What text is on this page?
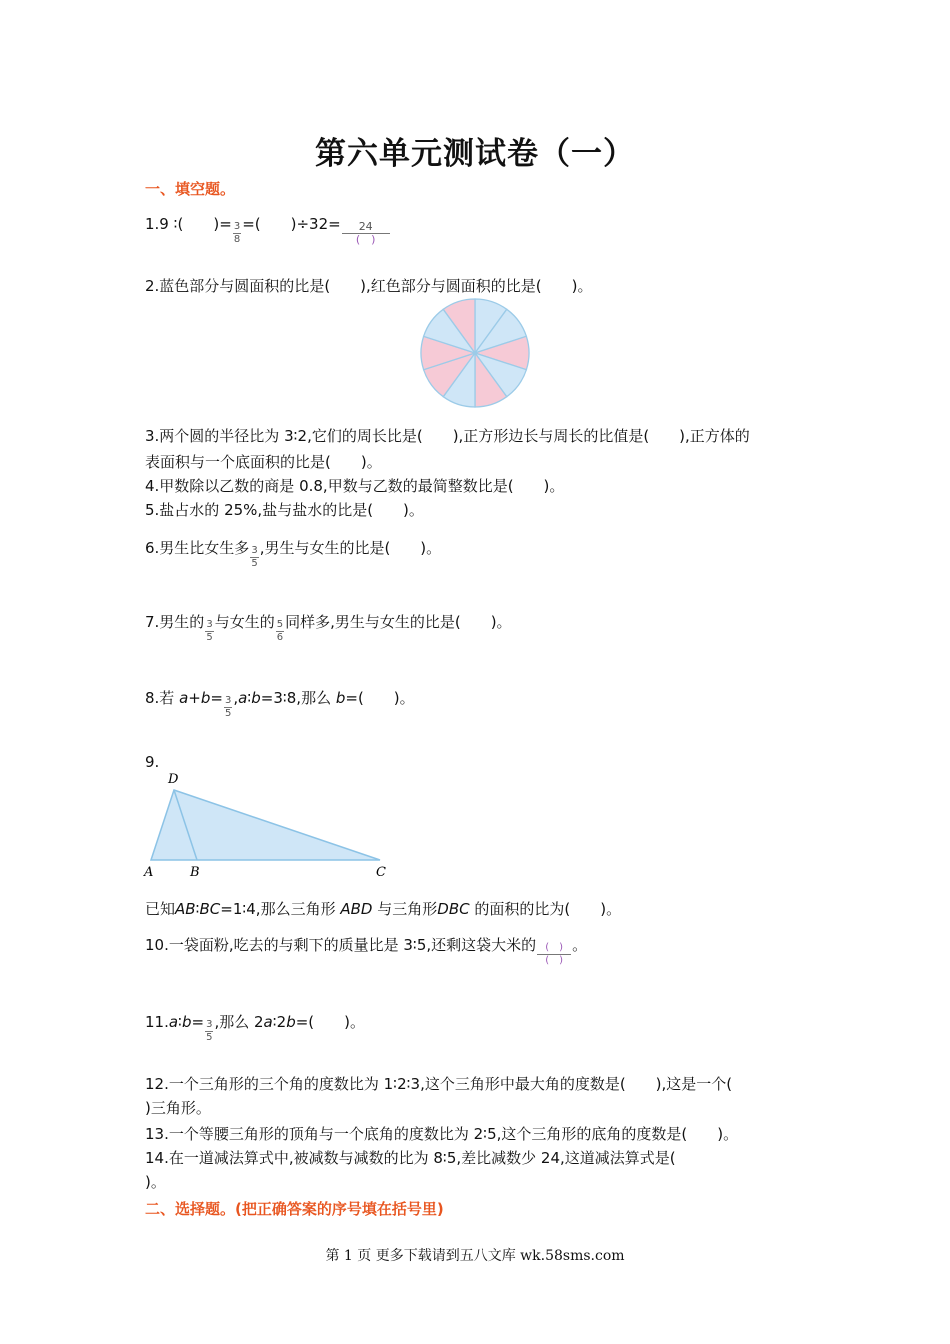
第六单元测试卷（一）
一、填空题。
1.9 ∶(　　)= $\frac{3}{8}$ =(　　)$\div 32= \frac{24}{( )}$
2.蓝色部分与圆面积的比是(　　),红色部分与圆面积的比是(　　)。
3.两个圆的半径比为 3∶2,它们的周长比是(　　),正方形边长与周长的比值是(　　),正方体的
表面积与一个底面积的比是(　　)。
4.甲数除以乙数的商是 0.8,甲数与乙数的最简整数比是(　　)。
5.盐占水的 25%,盐与盐水的比是(　　)。
6.男生比女生多 $\frac{3}{5}$ ,男生与女生的比是(　　)。
7.男生的 $\frac{3}{5}$ 与女生的 $\frac{5}{6}$ 同样多,男生与女生的比是(　　)。
8.若 $a+b= \frac{3}{5}$ ,a∶b=3∶8,那么 b=(　　)。
9.
D
A	B	C
已知AB∶BC=1∶4,那么三角形 ABD 与三角形DBC 的面积的比为(　　)。
10.一袋面粉,吃去的与剩下的质量比是 3∶5,还剩这袋大米的 $\frac{( )}{( )}$ 。
11.a∶b= $\frac{3}{5}$ ,那么 2a∶2b=(　　)。
12.一个三角形的三个角的度数比为 1∶2∶3,这个三角形中最大角的度数是(　　),这是一个(
)三角形。
13.一个等腰三角形的顶角与一个底角的度数比为 2∶5,这个三角形的底角的度数是(　　)。
14.在一道减法算式中,被减数与减数的比为 8∶5,差比减数少 24,这道减法算式是(
)。
二、选择题。(把正确答案的序号填在括号里)
第 1 页 更多下载请到五八文库 wk.58sms.com
